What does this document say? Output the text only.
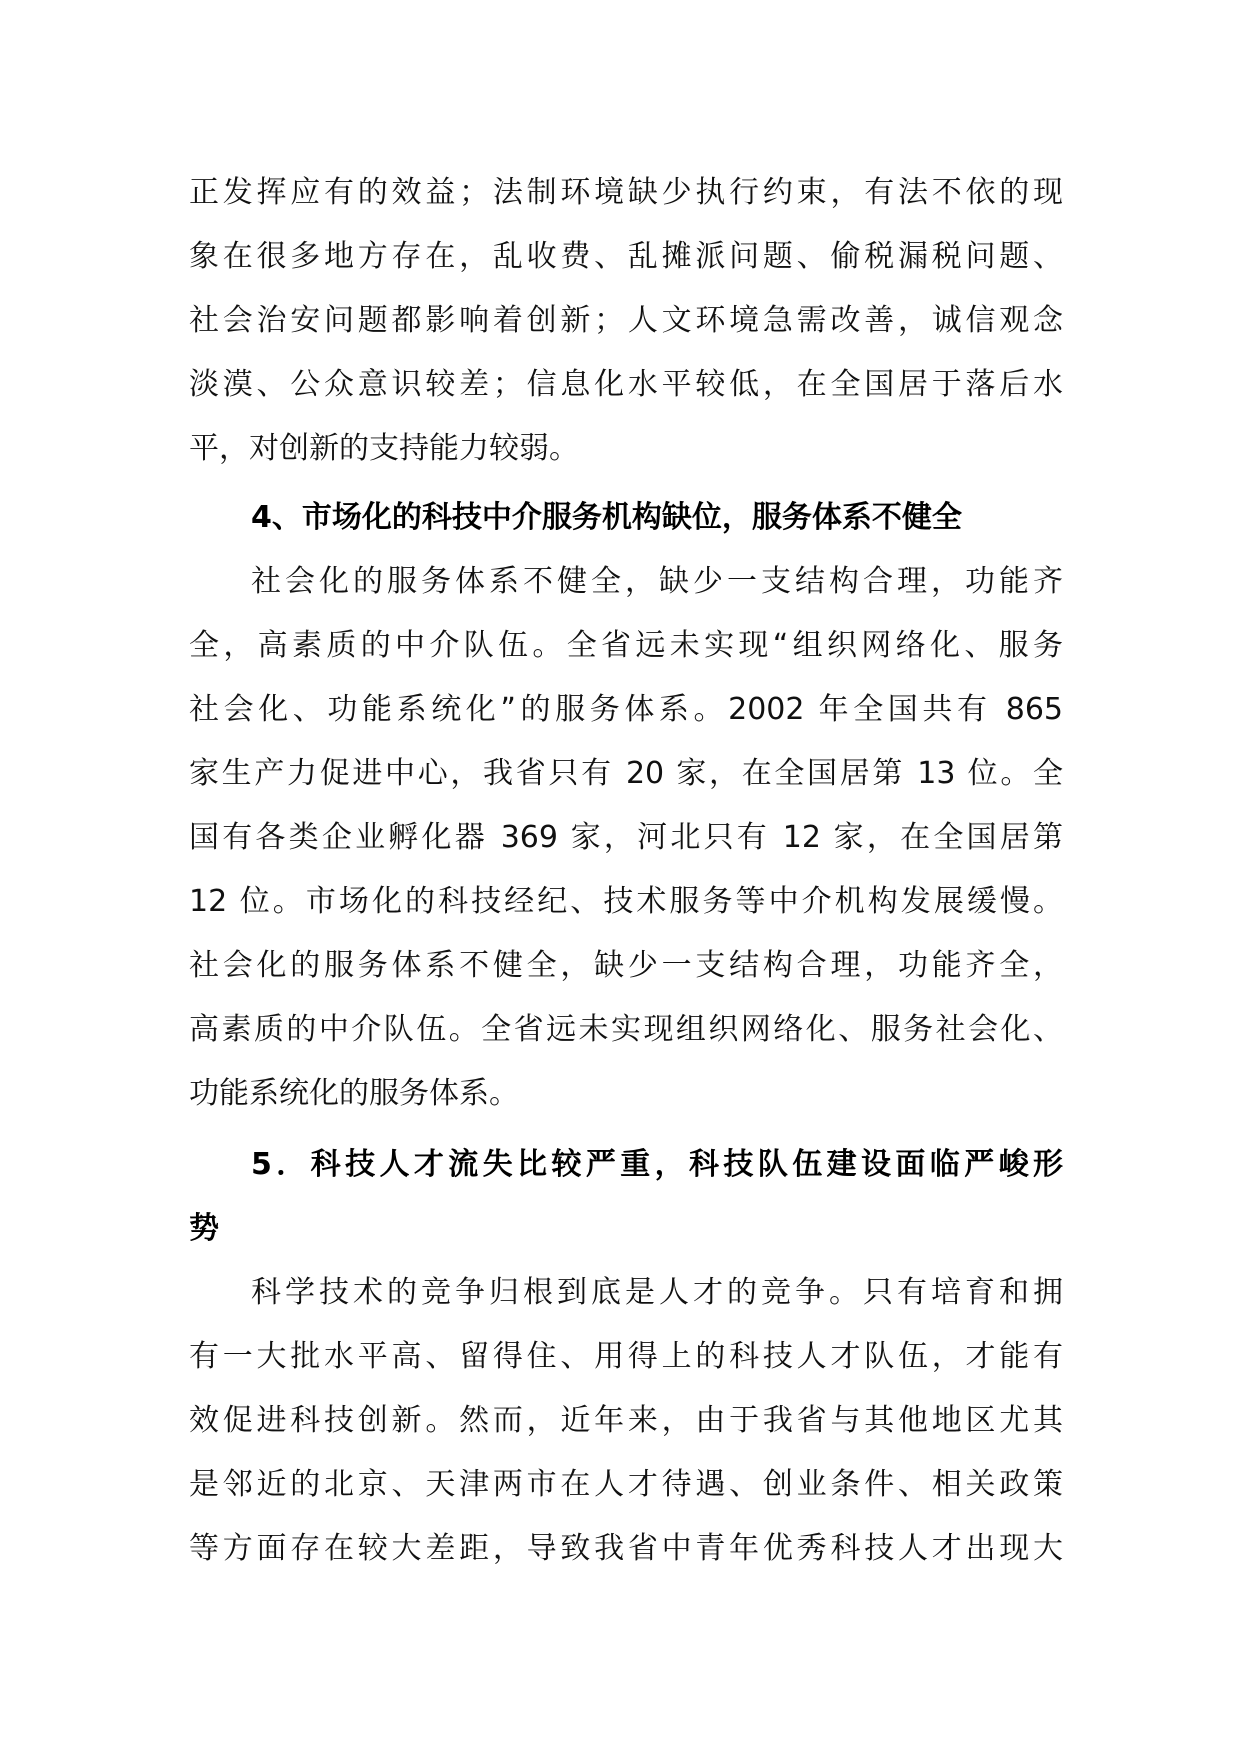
正发挥应有的效益；法制环境缺少执行约束，有法不依的现
象在很多地方存在，乱收费、乱摊派问题、偷税漏税问题、
社会治安问题都影响着创新；人文环境急需改善，诚信观念
淡漠、公众意识较差；信息化水平较低，在全国居于落后水
平，对创新的支持能力较弱。
4、市场化的科技中介服务机构缺位，服务体系不健全
社会化的服务体系不健全，缺少一支结构合理，功能齐
全，高素质的中介队伍。全省远未实现“组织网络化、服务
社会化、功能系统化”的服务体系。2002 年全国共有 865
家生产力促进中心，我省只有 20 家，在全国居第 13 位。全
国有各类企业孵化器 369 家，河北只有 12 家，在全国居第
12 位。市场化的科技经纪、技术服务等中介机构发展缓慢。
社会化的服务体系不健全，缺少一支结构合理，功能齐全，
高素质的中介队伍。全省远未实现组织网络化、服务社会化、
功能系统化的服务体系。
5．科技人才流失比较严重，科技队伍建设面临严峻形
势
科学技术的竞争归根到底是人才的竞争。只有培育和拥
有一大批水平高、留得住、用得上的科技人才队伍，才能有
效促进科技创新。然而，近年来，由于我省与其他地区尤其
是邻近的北京、天津两市在人才待遇、创业条件、相关政策
等方面存在较大差距，导致我省中青年优秀科技人才出现大
